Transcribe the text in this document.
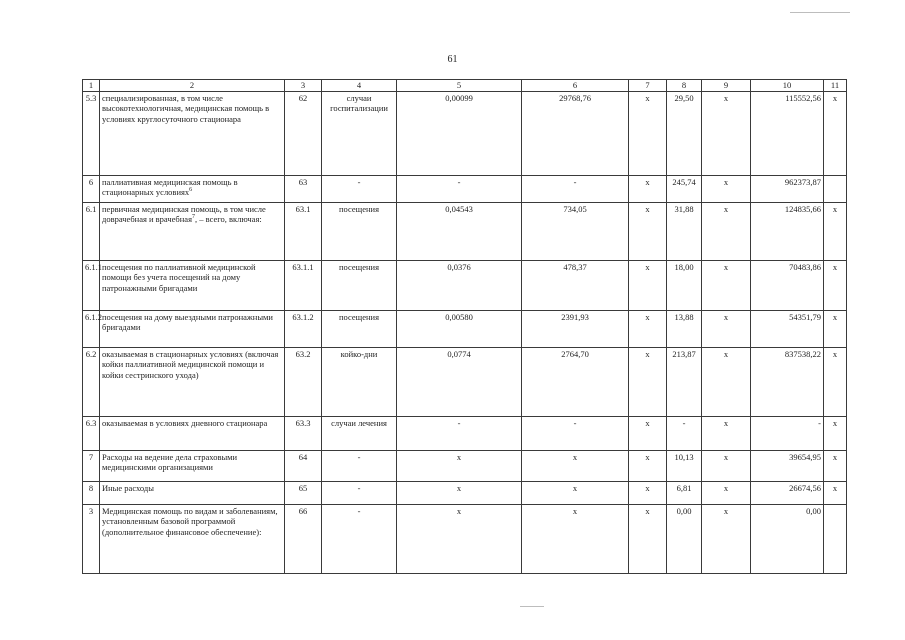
61
1	2	3	4	5	6	7	8	9	10	11
5.3	специализированная, в том числе высокотехнологичная, медицинская помощь в условиях круглосуточного стационара	62	случаи госпитализации	0,00099	29768,76	х	29,50	х	115552,56	х
6	паллиативная медицинская помощь в стационарных условиях$^6$	63	-	-	-	х	245,74	х	962373,87	
6.1	первичная медицинская помощь, в том числе доврачебная и врачебная$^7$, – всего, включая:	63.1	посещения	0,04543	734,05	х	31,88	х	124835,66	х
6.1.1	посещения по паллиативной медицинской помощи без учета посещений на дому патронажными бригадами	63.1.1	посещения	0,0376	478,37	х	18,00	х	70483,86	х
6.1.2	посещения на дому выездными патронажными бригадами	63.1.2	посещения	0,00580	2391,93	х	13,88	х	54351,79	х
6.2	оказываемая в стационарных условиях (включая койки паллиативной медицинской помощи и койки сестринского ухода)	63.2	койко-дни	0,0774	2764,70	х	213,87	х	837538,22	х
6.3	оказываемая в условиях дневного стационара	63.3	случаи лечения	-	-	х	-	х	-	х
7	Расходы на ведение дела страховыми медицинскими организациями	64	-	х	х	х	10,13	х	39654,95	х
8	Иные расходы	65	-	х	х	х	6,81	х	26674,56	х
3	Медицинская помощь по видам и заболеваниям, установленным базовой программой (дополнительное финансовое обеспечение):	66	-	х	х	х	0,00	х	0,00	
